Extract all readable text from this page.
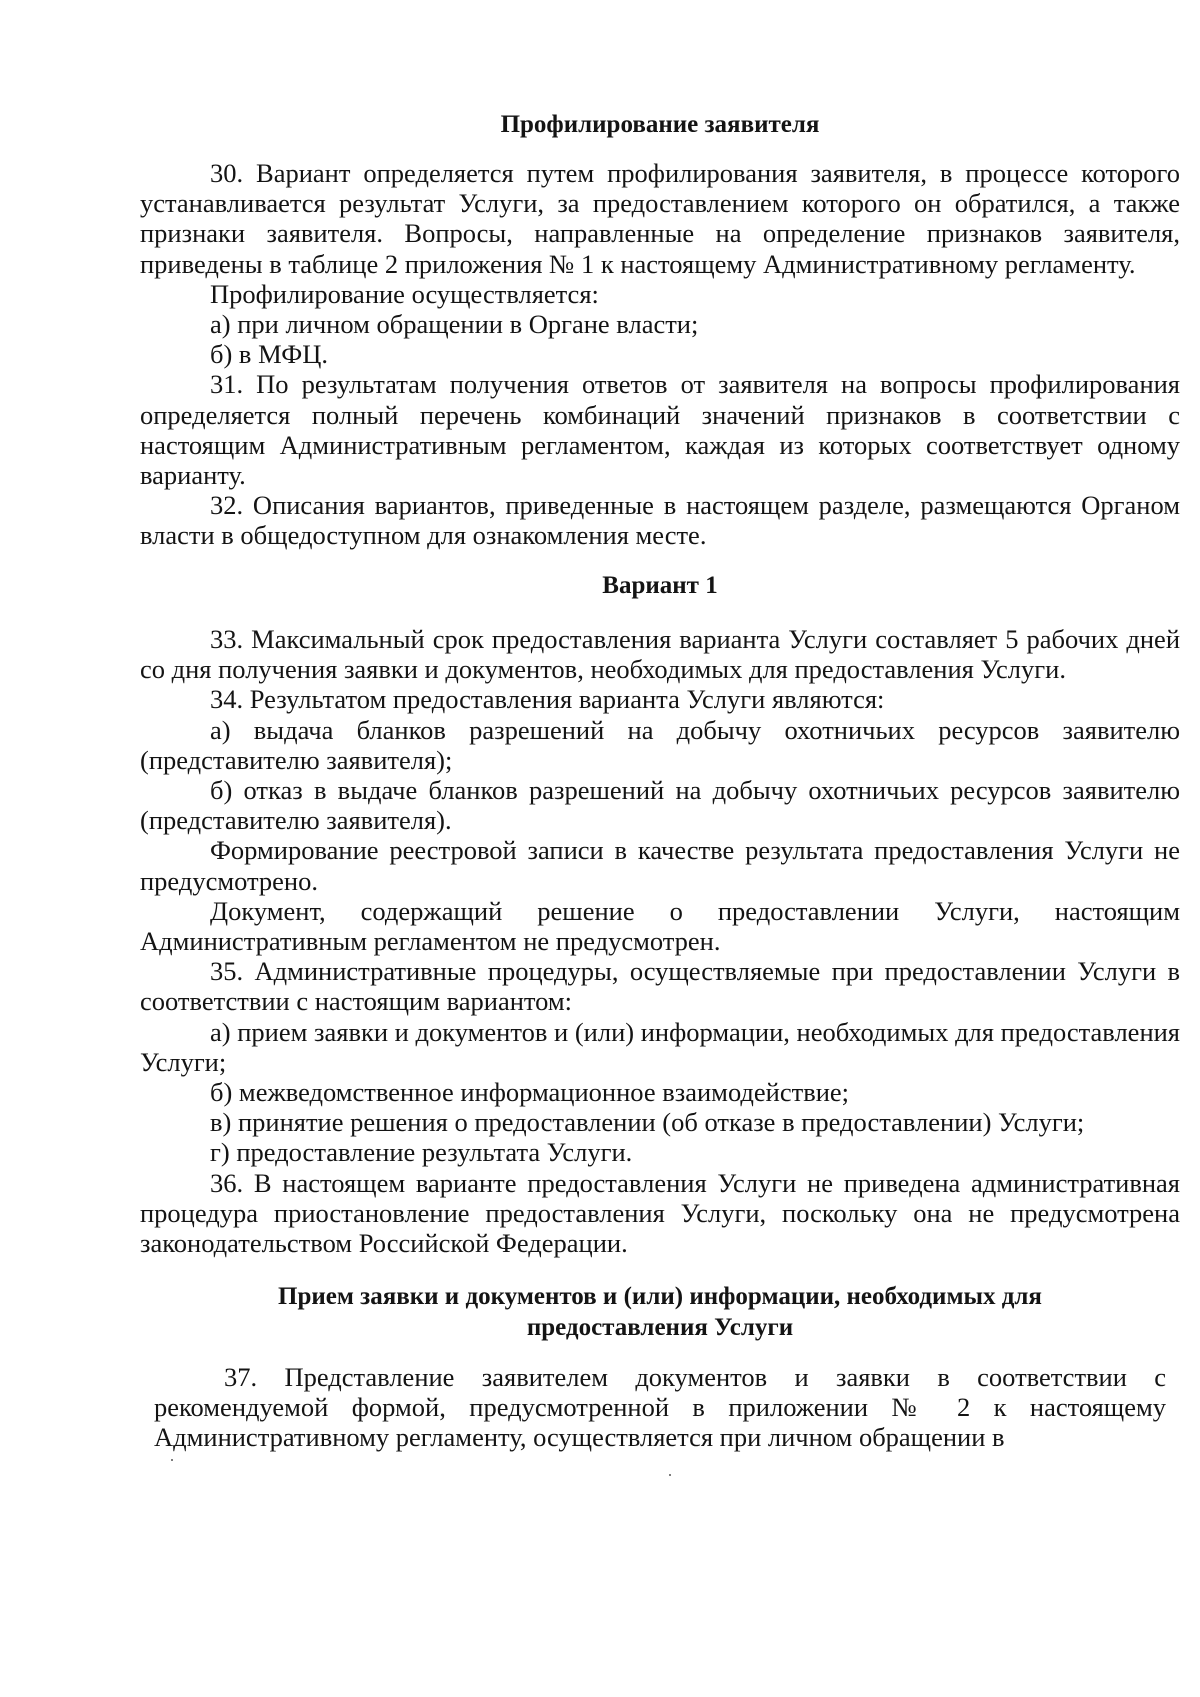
Профилирование заявителя

30. Вариант определяется путем профилирования заявителя, в процессе которого устанавливается результат Услуги, за предоставлением которого он обратился, а также признаки заявителя. Вопросы, направленные на определение признаков заявителя, приведены в таблице 2 приложения № 1 к настоящему Административному регламенту.

Профилирование осуществляется:

а) при личном обращении в Органе власти;

б) в МФЦ.

31. По результатам получения ответов от заявителя на вопросы профилирования определяется полный перечень комбинаций значений признаков в соответствии с настоящим Административным регламентом, каждая из которых соответствует одному варианту.

32. Описания вариантов, приведенные в настоящем разделе, размещаются Органом власти в общедоступном для ознакомления месте.

Вариант 1

33. Максимальный срок предоставления варианта Услуги составляет 5 рабочих дней со дня получения заявки и документов, необходимых для предоставления Услуги.

34. Результатом предоставления варианта Услуги являются:

а) выдача бланков разрешений на добычу охотничьих ресурсов заявителю (представителю заявителя);

б) отказ в выдаче бланков разрешений на добычу охотничьих ресурсов заявителю (представителю заявителя).

Формирование реестровой записи в качестве результата предоставления Услуги не предусмотрено.

Документ, содержащий решение о предоставлении Услуги, настоящим Административным регламентом не предусмотрен.

35. Административные процедуры, осуществляемые при предоставлении Услуги в соответствии с настоящим вариантом:

а) прием заявки и документов и (или) информации, необходимых для предоставления Услуги;

б) межведомственное информационное взаимодействие;

в) принятие решения о предоставлении (об отказе в предоставлении) Услуги;

г) предоставление результата Услуги.

36. В настоящем варианте предоставления Услуги не приведена административная процедура приостановление предоставления Услуги, поскольку она не предусмотрена законодательством Российской Федерации.

Прием заявки и документов и (или) информации, необходимых для
предоставления Услуги

37. Представление заявителем документов и заявки в соответствии с рекомендуемой формой, предусмотренной в приложении № 2 к настоящему Административному регламенту, осуществляется при личном обращении в
